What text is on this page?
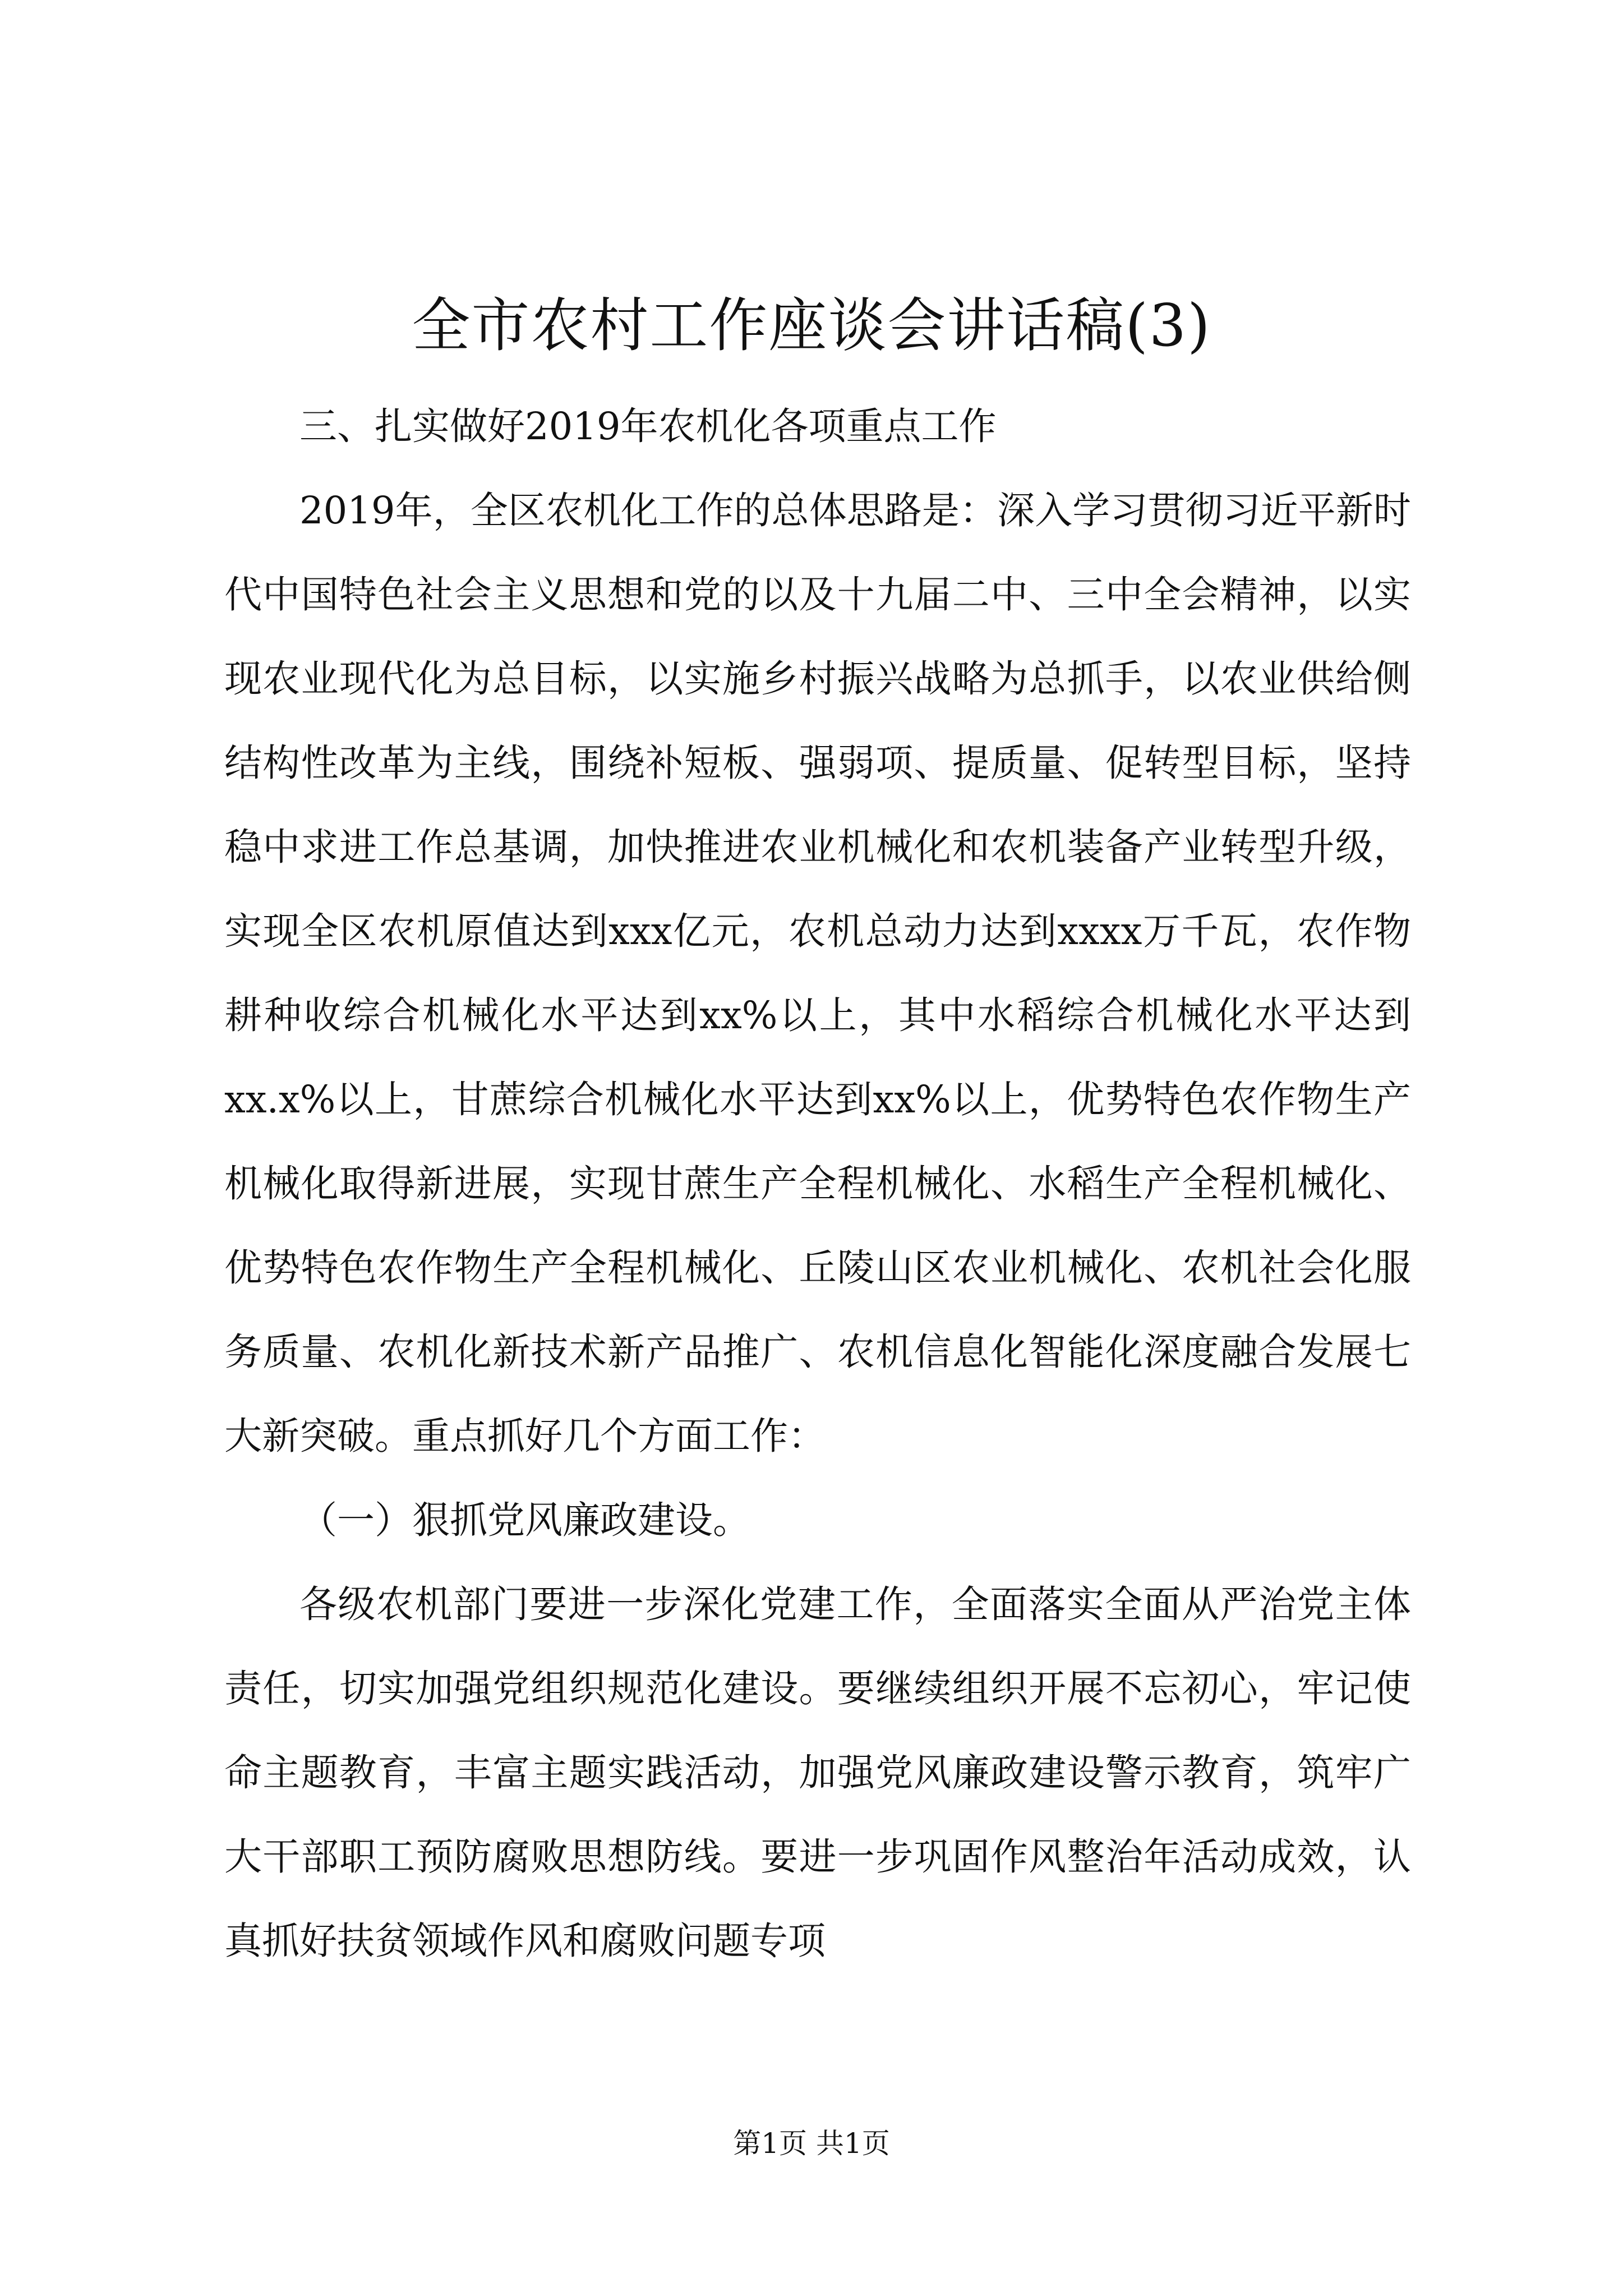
全市农村工作座谈会讲话稿(3)

三、扎实做好2019年农机化各项重点工作

2019年，全区农机化工作的总体思路是：深入学习贯彻习近平新时代中国特色社会主义思想和党的以及十九届二中、三中全会精神，以实现农业现代化为总目标，以实施乡村振兴战略为总抓手，以农业供给侧结构性改革为主线，围绕补短板、强弱项、提质量、促转型目标，坚持稳中求进工作总基调，加快推进农业机械化和农机装备产业转型升级，实现全区农机原值达到xxx亿元，农机总动力达到xxxx万千瓦，农作物耕种收综合机械化水平达到xx%以上，其中水稻综合机械化水平达到xx.x%以上，甘蔗综合机械化水平达到xx%以上，优势特色农作物生产机械化取得新进展，实现甘蔗生产全程机械化、水稻生产全程机械化、优势特色农作物生产全程机械化、丘陵山区农业机械化、农机社会化服务质量、农机化新技术新产品推广、农机信息化智能化深度融合发展七大新突破。重点抓好几个方面工作：

（一）狠抓党风廉政建设。

各级农机部门要进一步深化党建工作，全面落实全面从严治党主体责任，切实加强党组织规范化建设。要继续组织开展不忘初心，牢记使命主题教育，丰富主题实践活动，加强党风廉政建设警示教育，筑牢广大干部职工预防腐败思想防线。要进一步巩固作风整治年活动成效，认真抓好扶贫领域作风和腐败问题专项

第1页 共1页
